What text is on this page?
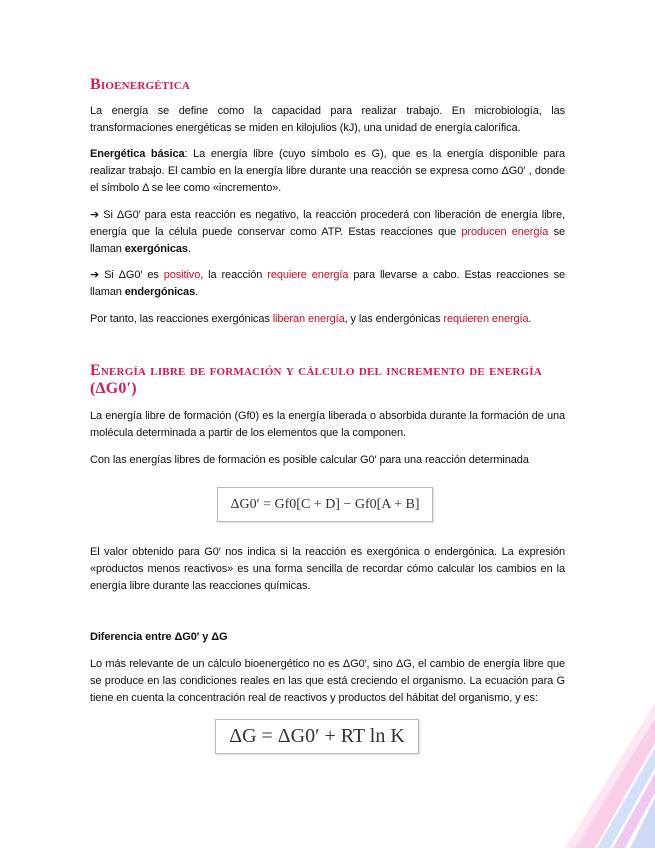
Bioenergética

La energía se define como la capacidad para realizar trabajo. En microbiología, las transformaciones energéticas se miden en kilojulios (kJ), una unidad de energía calorífica.

Energética básica: La energía libre (cuyo símbolo es G), que es la energía disponible para realizar trabajo. El cambio en la energía libre durante una reacción se expresa como ΔG0′ , donde el símbolo Δ se lee como «incremento».

➔ Si ΔG0′ para esta reacción es negativo, la reacción procederá con liberación de energía libre, energía que la célula puede conservar como ATP. Estas reacciones que producen energía se llaman exergónicas.

➔ Si ΔG0′ es positivo, la reacción requiere energía para llevarse a cabo. Estas reacciones se llaman endergónicas.

Por tanto, las reacciones exergónicas liberan energía, y las endergónicas requieren energía.

Energía libre de formación y cálculo del incremento de energía (ΔG0′)

La energía libre de formación (Gf0) es la energía liberada o absorbida durante la formación de una molécula determinada a partir de los elementos que la componen.

Con las energías libres de formación es posible calcular G0′ para una reacción determinada

ΔG0′ = Gf0[C + D] − Gf0[A + B]

El valor obtenido para G0′ nos indica si la reacción es exergónica o endergónica. La expresión «productos menos reactivos» es una forma sencilla de recordar cómo calcular los cambios en la energía libre durante las reacciones químicas.

Diferencia entre ΔG0′ y ΔG

Lo más relevante de un cálculo bioenergético no es ΔG0′, sino ΔG, el cambio de energía libre que se produce en las condiciones reales en las que está creciendo el organismo. La ecuación para G tiene en cuenta la concentración real de reactivos y productos del hábitat del organismo, y es:

ΔG = ΔG0′ + RT ln K
